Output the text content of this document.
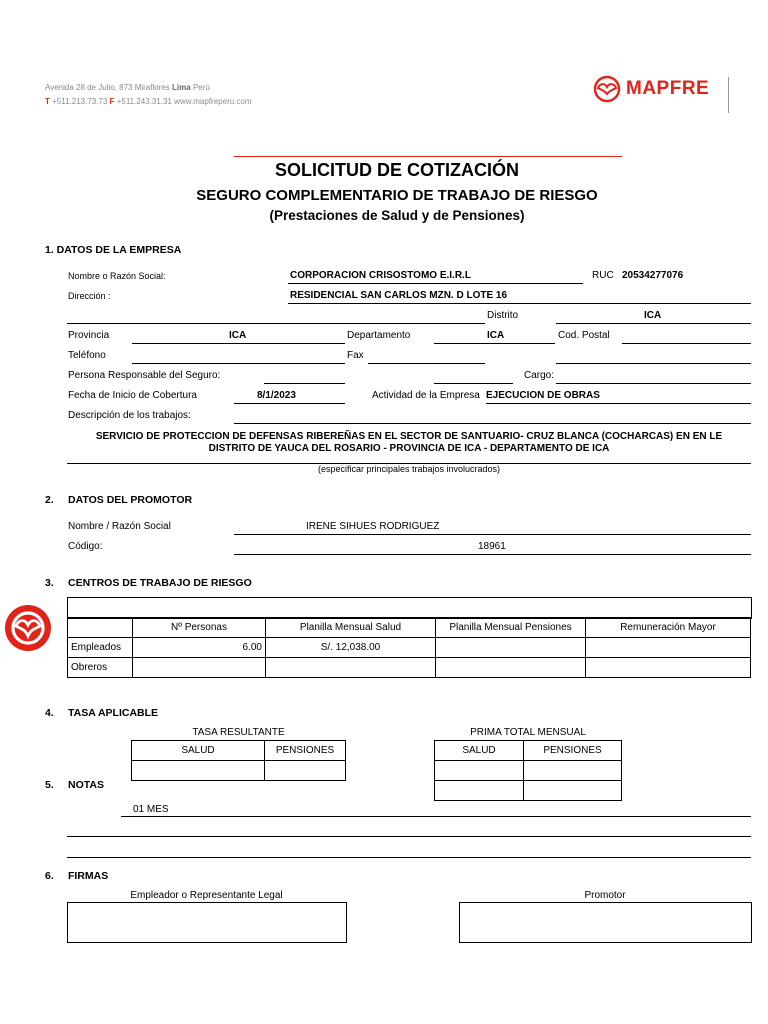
Avenida 28 de Julio, 873 Miraflores Lima Perú
T +511.213.73.73 F +511.243.31.31 www.mapfreperu.com
MAPFRE
SOLICITUD DE COTIZACIÓN
SEGURO COMPLEMENTARIO DE TRABAJO DE RIESGO
(Prestaciones de Salud y de Pensiones)
1. DATOS DE LA EMPRESA
Nombre o Razón Social:	CORPORACION CRISOSTOMO E.I.R.L	RUC 20534277076
Dirección :	RESIDENCIAL SAN CARLOS MZN. D LOTE 16
Distrito	ICA
Provincia	ICA	Departamento	ICA	Cod. Postal
Teléfono	Fax
Persona Responsable del Seguro:	Cargo:
Fecha de Inicio de Cobertura	8/1/2023	Actividad de la Empresa EJECUCION DE OBRAS
Descripción de los trabajos:
SERVICIO DE PROTECCION DE DEFENSAS RIBEREÑAS EN EL SECTOR DE SANTUARIO- CRUZ BLANCA (COCHARCAS) EN EN LE
DISTRITO DE YAUCA DEL ROSARIO - PROVINCIA DE ICA - DEPARTAMENTO DE ICA
(especificar principales trabajos involucrados)
2. DATOS DEL PROMOTOR
Nombre / Razón Social	IRENE SIHUES RODRIGUEZ
Código:	18961
3. CENTROS DE TRABAJO DE RIESGO
	Nº Personas	Planilla Mensual Salud	Planilla Mensual Pensiones	Remuneración Mayor
Empleados	6.00	S/. 12,038.00		
Obreros				
4. TASA APLICABLE
TASA RESULTANTE
SALUD	PENSIONES

PRIMA TOTAL MENSUAL
SALUD	PENSIONES

5. NOTAS
01 MES
6. FIRMAS
Empleador o Representante Legal	Promotor
